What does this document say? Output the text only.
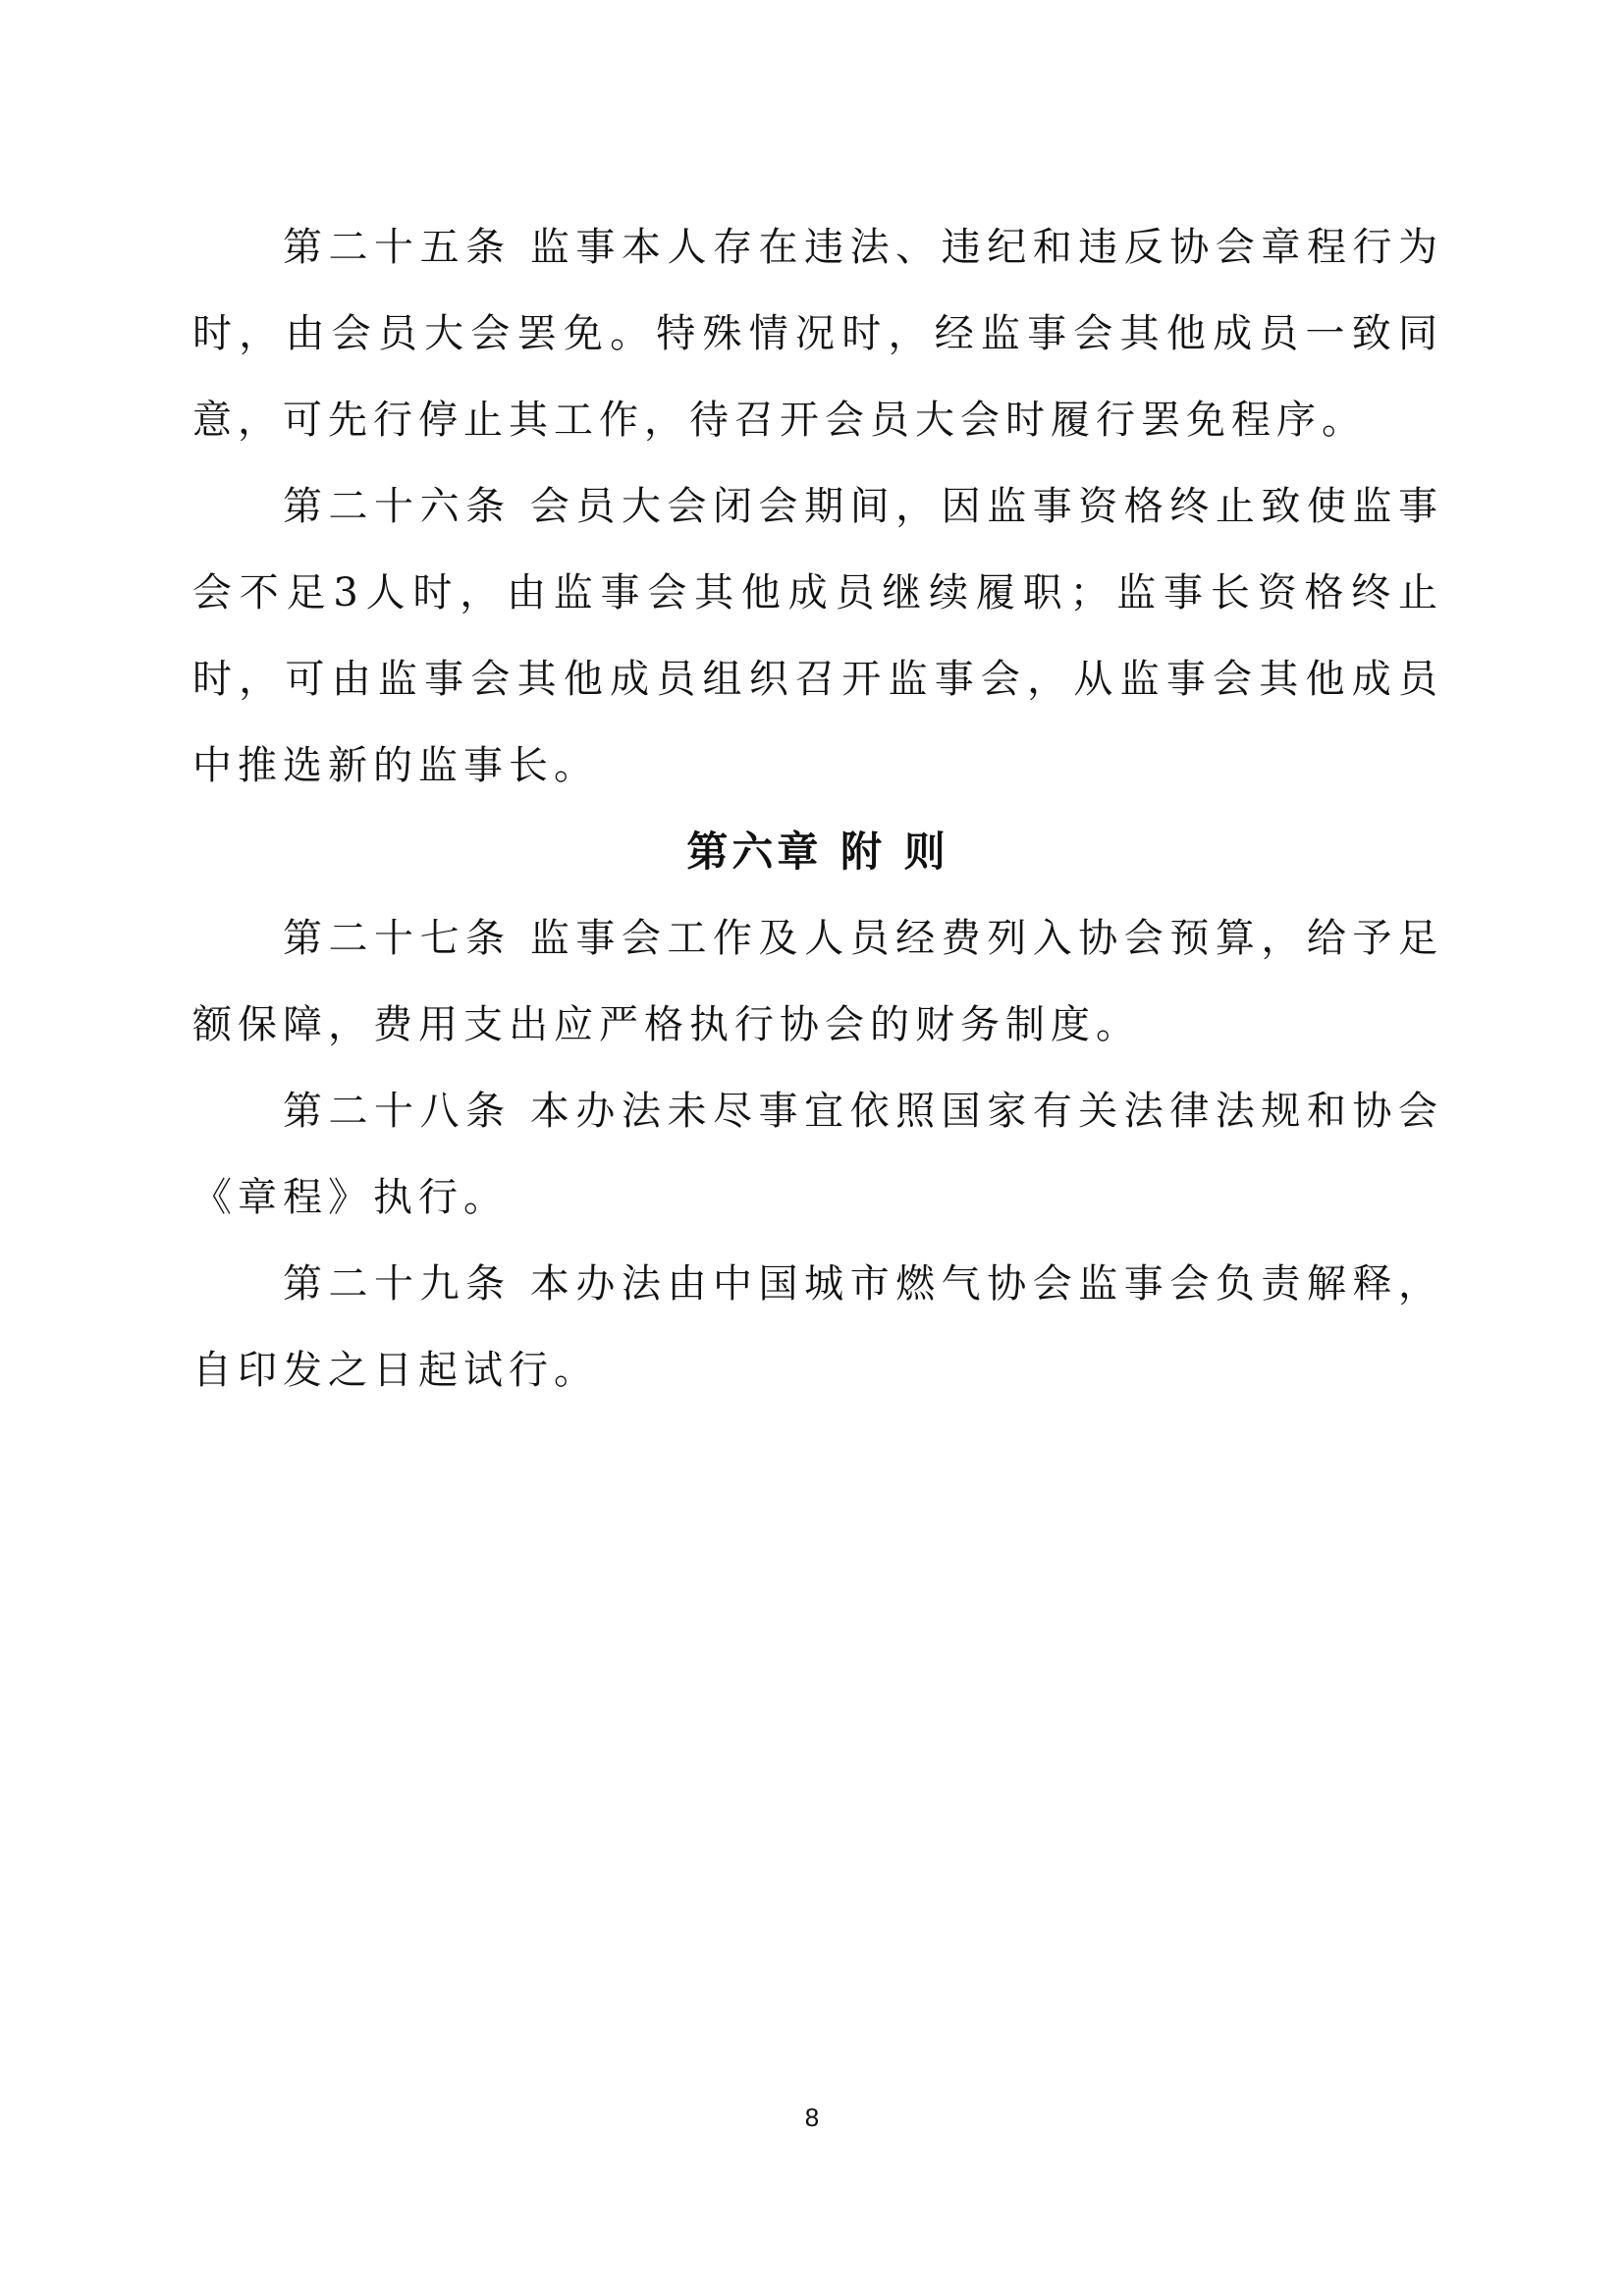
第二十五条 监事本人存在违法、违纪和违反协会章程行为时，由会员大会罢免。特殊情况时，经监事会其他成员一致同意，可先行停止其工作，待召开会员大会时履行罢免程序。

第二十六条 会员大会闭会期间，因监事资格终止致使监事会不足3人时，由监事会其他成员继续履职；监事长资格终止时，可由监事会其他成员组织召开监事会，从监事会其他成员中推选新的监事长。

第六章 附 则

第二十七条 监事会工作及人员经费列入协会预算，给予足额保障，费用支出应严格执行协会的财务制度。

第二十八条 本办法未尽事宜依照国家有关法律法规和协会《章程》执行。

第二十九条 本办法由中国城市燃气协会监事会负责解释，自印发之日起试行。

8
